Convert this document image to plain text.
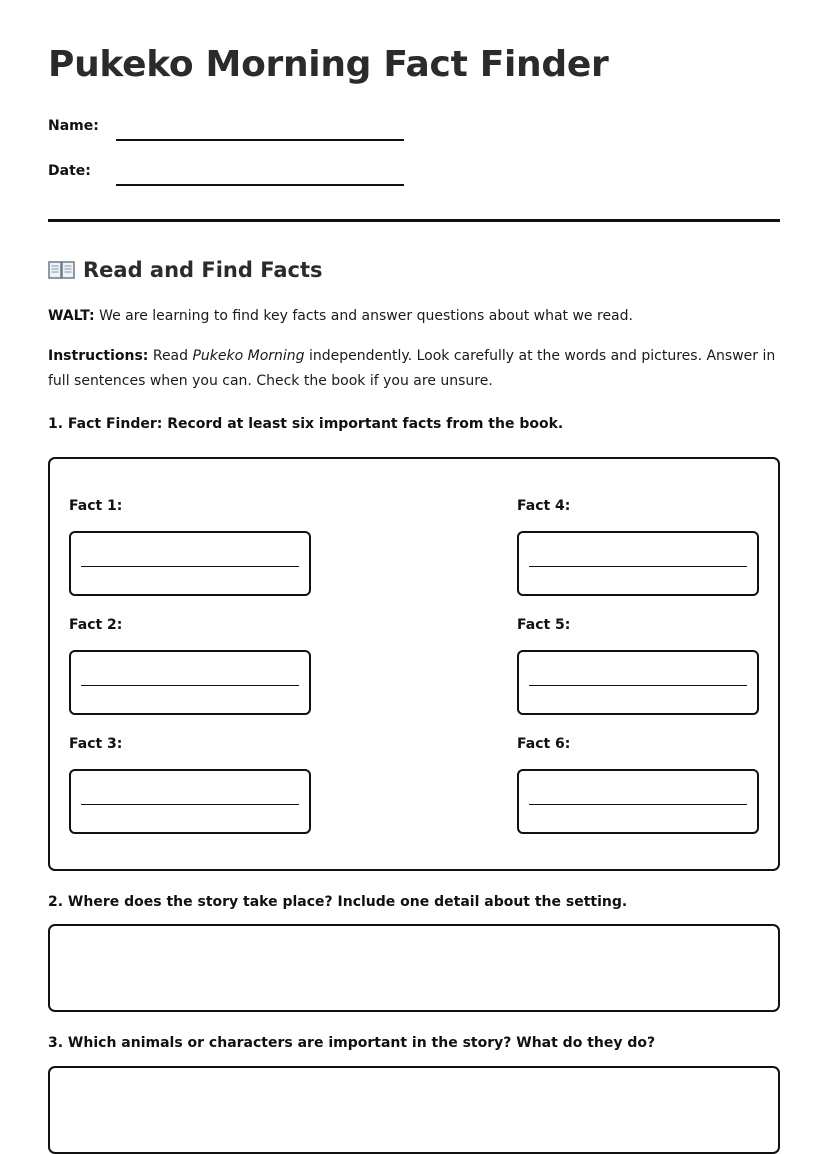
Pukeko Morning Fact Finder
Name:
Date:
Read and Find Facts

WALT: We are learning to find key facts and answer questions about what we read.

Instructions: Read Pukeko Morning independently. Look carefully at the words and pictures. Answer in full sentences when you can. Check the book if you are unsure.

1. Fact Finder: Record at least six important facts from the book.

Fact 1:
Fact 2:
Fact 3:
Fact 4:
Fact 5:
Fact 6:

2. Where does the story take place? Include one detail about the setting.

3. Which animals or characters are important in the story? What do they do?
